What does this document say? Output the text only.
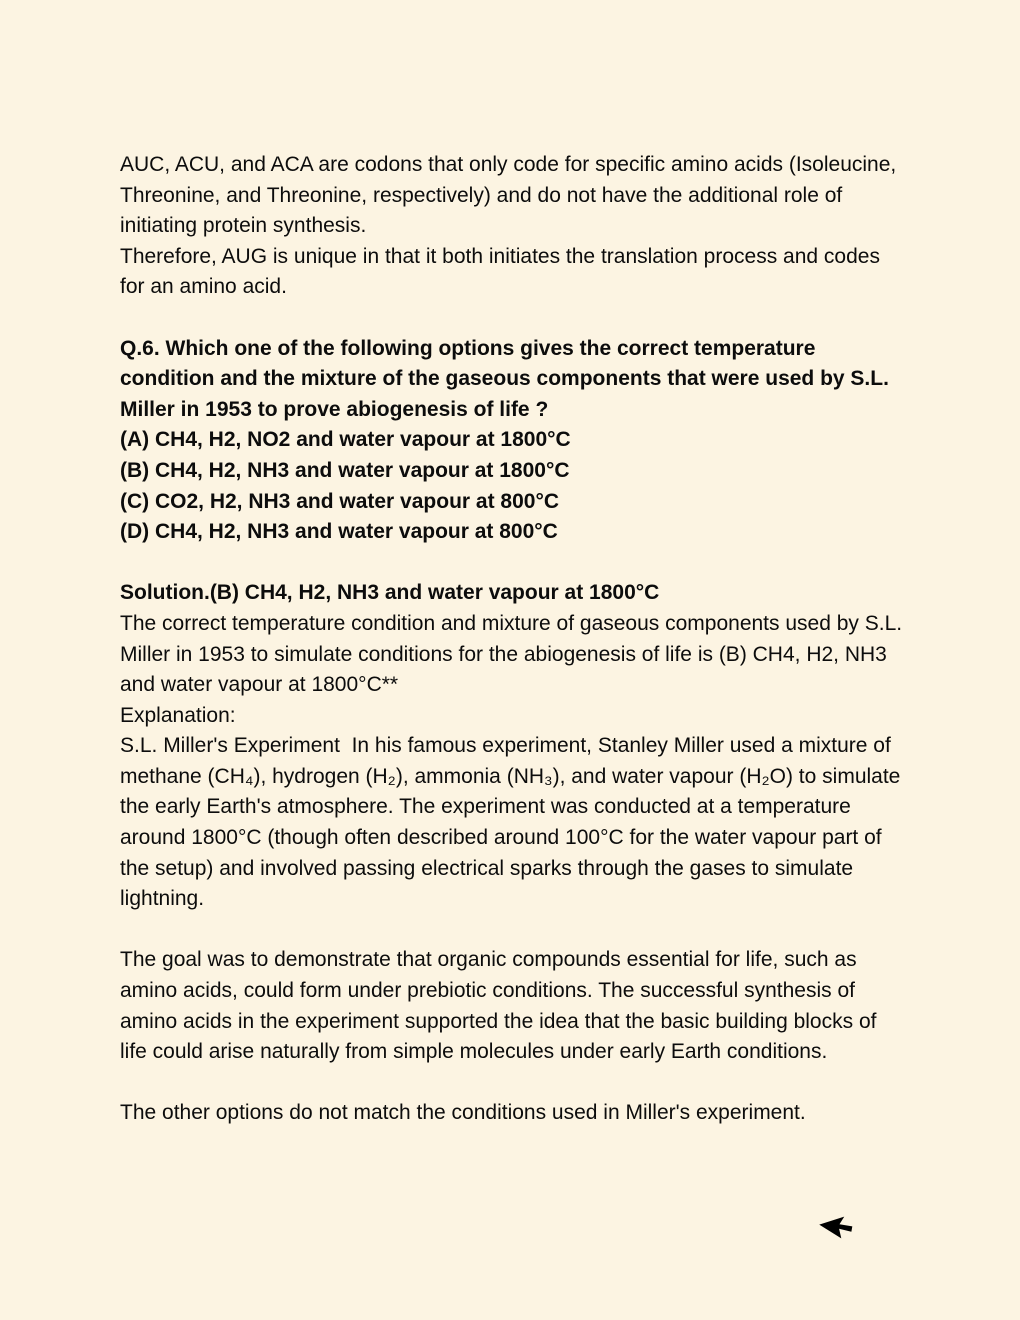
AUC, ACU, and ACA are codons that only code for specific amino acids (Isoleucine, Threonine, and Threonine, respectively) and do not have the additional role of initiating protein synthesis.

Therefore, AUG is unique in that it both initiates the translation process and codes for an amino acid.

Q.6. Which one of the following options gives the correct temperature condition and the mixture of the gaseous components that were used by S.L. Miller in 1953 to prove abiogenesis of life ?

(A) CH4, H2, NO2 and water vapour at 1800°C

(B) CH4, H2, NH3 and water vapour at 1800°C

(C) CO2, H2, NH3 and water vapour at 800°C

(D) CH4, H2, NH3 and water vapour at 800°C

Solution.(B) CH4, H2, NH3 and water vapour at 1800°C

The correct temperature condition and mixture of gaseous components used by S.L. Miller in 1953 to simulate conditions for the abiogenesis of life is (B) CH4, H2, NH3 and water vapour at 1800°C**

Explanation:

S.L. Miller's Experiment  In his famous experiment, Stanley Miller used a mixture of methane (CH₄), hydrogen (H₂), ammonia (NH₃), and water vapour (H₂O) to simulate the early Earth's atmosphere. The experiment was conducted at a temperature around 1800°C (though often described around 100°C for the water vapour part of the setup) and involved passing electrical sparks through the gases to simulate lightning.

The goal was to demonstrate that organic compounds essential for life, such as amino acids, could form under prebiotic conditions. The successful synthesis of amino acids in the experiment supported the idea that the basic building blocks of life could arise naturally from simple molecules under early Earth conditions.

The other options do not match the conditions used in Miller's experiment.
